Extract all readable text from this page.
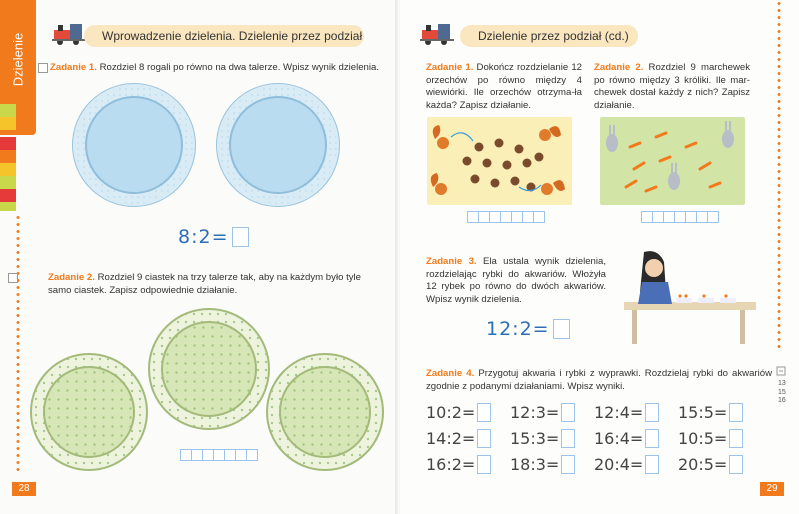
Dzielenie	Wprowadzenie dzielenia. Dzielenie przez podział
Zadanie 1. Rozdziel 8 rogali po równo na dwa talerze. Wpisz wynik dzielenia.
8:2=
Zadanie 2. Rozdziel 9 ciastek na trzy talerze tak, aby na każdym było tyle samo ciastek. Zapisz odpowiednie działanie.
28
Dzielenie przez podział (cd.)
Zadanie 1. Dokończ rozdzielanie 12 orzechów po równo między 4 wiewiórki. Ile orzechów otrzyma-ła każda? Zapisz działanie.
Zadanie 2. Rozdziel 9 marchewek po równo między 3 króliki. Ile mar-chewek dostał każdy z nich? Zapisz działanie.
Zadanie 3. Ela ustala wynik dzielenia, rozdzielając rybki do akwariów. Włożyła 12 rybek po równo do dwóch akwariów. Wpisz wynik dzielenia.
12:2=
Zadanie 4. Przygotuj akwaria i rybki z wyprawki. Rozdzielaj rybki do akwariów zgodnie z podanymi działaniami. Wpisz wyniki.
10:2= 12:3= 12:4= 15:5=
14:2= 15:3= 16:4= 10:5=
16:2= 18:3= 20:4= 20:5=
13
15
16
29
